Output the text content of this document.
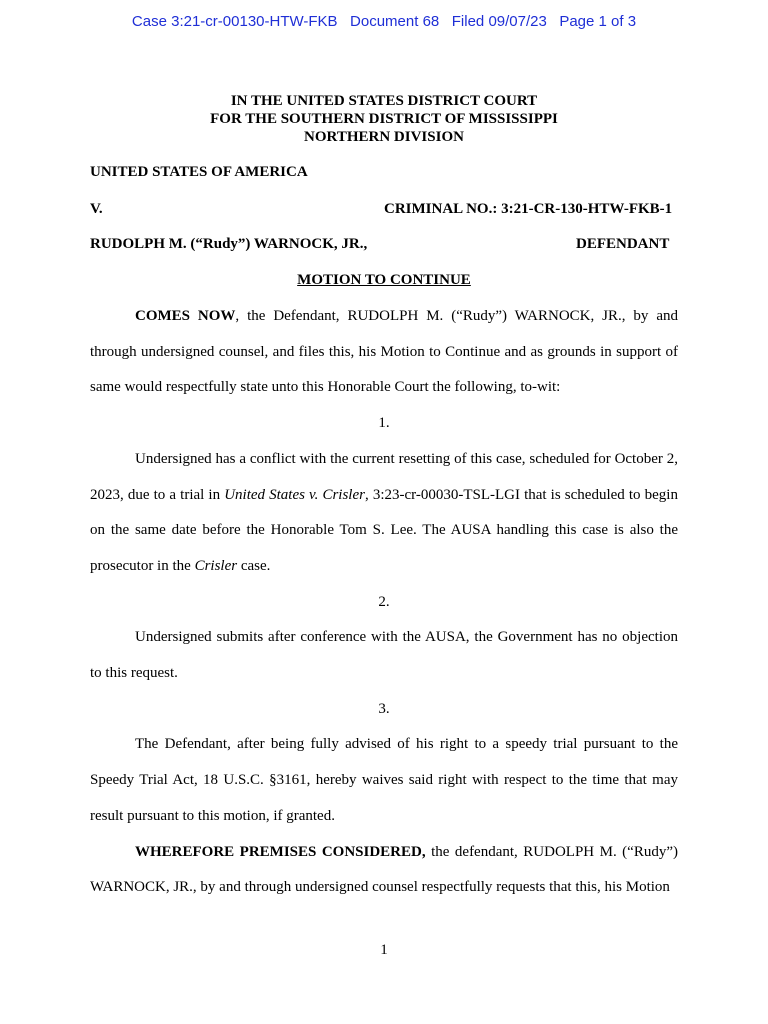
Case 3:21-cr-00130-HTW-FKB   Document 68   Filed 09/07/23   Page 1 of 3
IN THE UNITED STATES DISTRICT COURT
FOR THE SOUTHERN DISTRICT OF MISSISSIPPI
NORTHERN DIVISION
UNITED STATES OF AMERICA
V.	CRIMINAL NO.: 3:21-CR-130-HTW-FKB-1
RUDOLPH M. (“Rudy”) WARNOCK, JR.,	DEFENDANT
MOTION TO CONTINUE

COMES NOW, the Defendant, RUDOLPH M. (“Rudy”) WARNOCK, JR., by and through undersigned counsel, and files this, his Motion to Continue and as grounds in support of same would respectfully state unto this Honorable Court the following, to-wit:

1.

Undersigned has a conflict with the current resetting of this case, scheduled for October 2, 2023, due to a trial in United States v. Crisler, 3:23-cr-00030-TSL-LGI that is scheduled to begin on the same date before the Honorable Tom S. Lee. The AUSA handling this case is also the prosecutor in the Crisler case.

2.

Undersigned submits after conference with the AUSA, the Government has no objection to this request.

3.

The Defendant, after being fully advised of his right to a speedy trial pursuant to the Speedy Trial Act, 18 U.S.C. §3161, hereby waives said right with respect to the time that may result pursuant to this motion, if granted.

WHEREFORE PREMISES CONSIDERED, the defendant, RUDOLPH M. (“Rudy”) WARNOCK, JR., by and through undersigned counsel respectfully requests that this, his Motion

1
